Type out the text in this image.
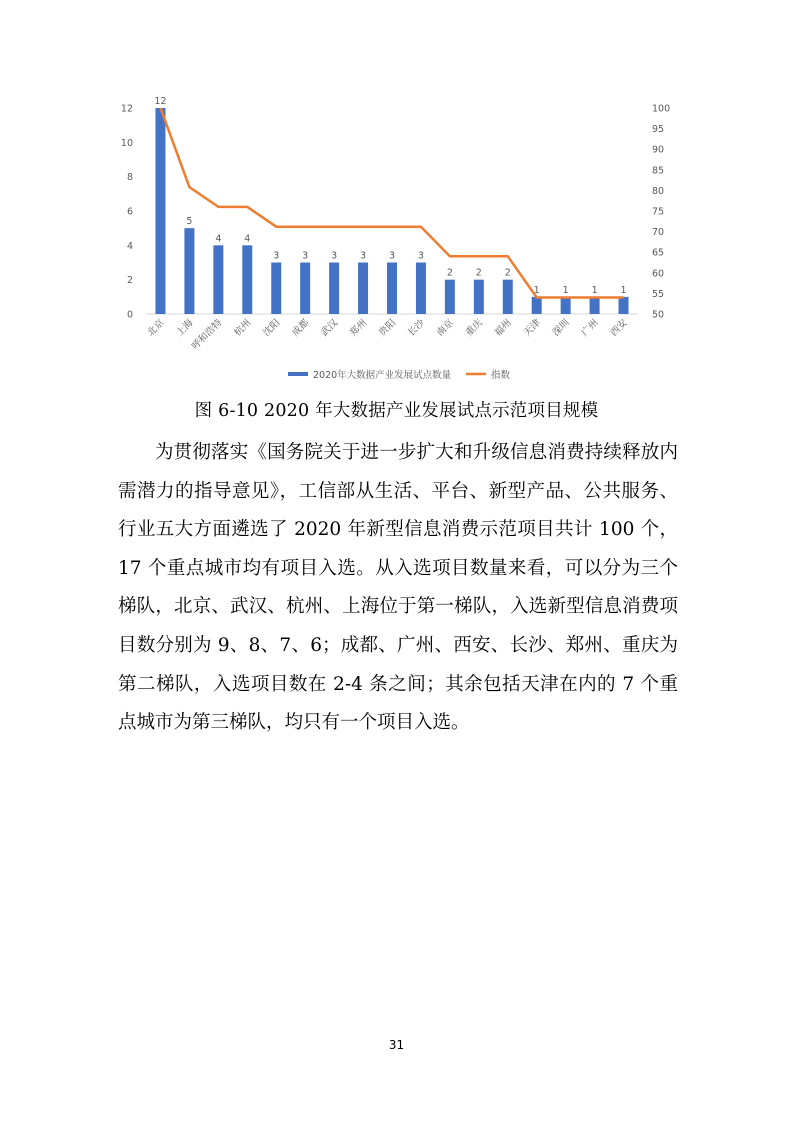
0
2
4
6
8
10
12
50
55
60
65
70
75
80
85
90
95
100
12
5
4 4
3 3 3 3 3 3
2 2 2
1 1 1 1
北京 上海
呼和浩特 杭州 沈阳 成都 武汉 郑州 贵阳 长沙 南京 重庆 福州 天津 深圳 广州 西安
2020年大数据产业发展试点数量	指数
图 6-10 2020 年大数据产业发展试点示范项目规模

为贯彻落实《国务院关于进一步扩大和升级信息消费持续释放内需潜力的指导意见》，工信部从生活、平台、新型产品、公共服务、行业五大方面遴选了 2020 年新型信息消费示范项目共计 100 个，17 个重点城市均有项目入选。从入选项目数量来看，可以分为三个梯队，北京、武汉、杭州、上海位于第一梯队，入选新型信息消费项目数分别为 9、8、7、6；成都、广州、西安、长沙、郑州、重庆为第二梯队，入选项目数在 2-4 条之间；其余包括天津在内的 7 个重点城市为第三梯队，均只有一个项目入选。

31
